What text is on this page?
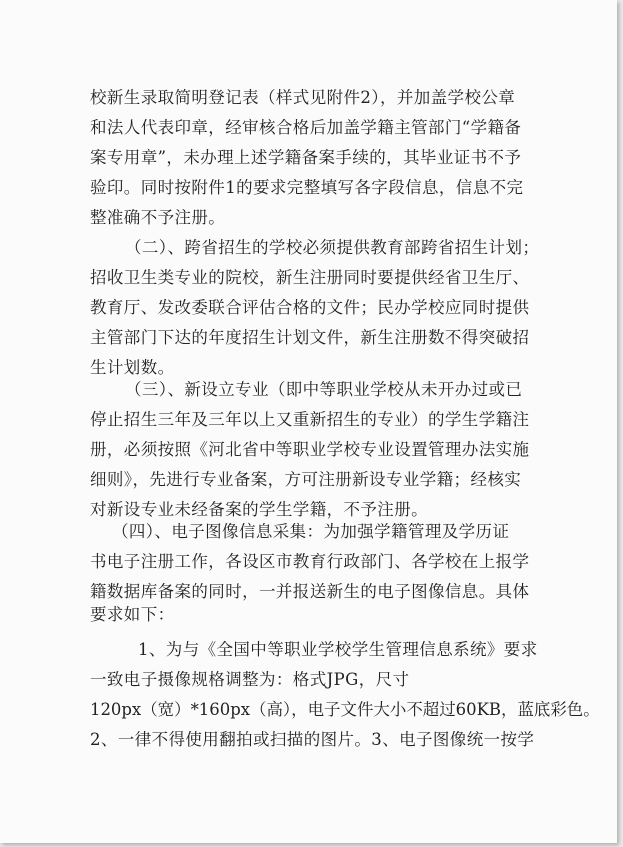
校新生录取简明登记表（样式见附件2），并加盖学校公章
和法人代表印章，经审核合格后加盖学籍主管部门“学籍备
案专用章”，未办理上述学籍备案手续的，其毕业证书不予
验印。同时按附件1的要求完整填写各字段信息，信息不完
整准确不予注册。
（二）、跨省招生的学校必须提供教育部跨省招生计划；
招收卫生类专业的院校，新生注册同时要提供经省卫生厅、
教育厅、发改委联合评估合格的文件；民办学校应同时提供
主管部门下达的年度招生计划文件，新生注册数不得突破招
生计划数。
（三）、新设立专业（即中等职业学校从未开办过或已
停止招生三年及三年以上又重新招生的专业）的学生学籍注
册，必须按照《河北省中等职业学校专业设置管理办法实施
细则》，先进行专业备案，方可注册新设专业学籍；经核实
对新设专业未经备案的学生学籍，不予注册。
（四）、电子图像信息采集：为加强学籍管理及学历证
书电子注册工作，各设区市教育行政部门、各学校在上报学
籍数据库备案的同时，一并报送新生的电子图像信息。具体
要求如下：
1、为与《全国中等职业学校学生管理信息系统》要求
一致电子摄像规格调整为：格式JPG，尺寸
120px（宽）*160px（高），电子文件大小不超过60KB，蓝底彩色。
2、一律不得使用翻拍或扫描的图片。3、电子图像统一按学
